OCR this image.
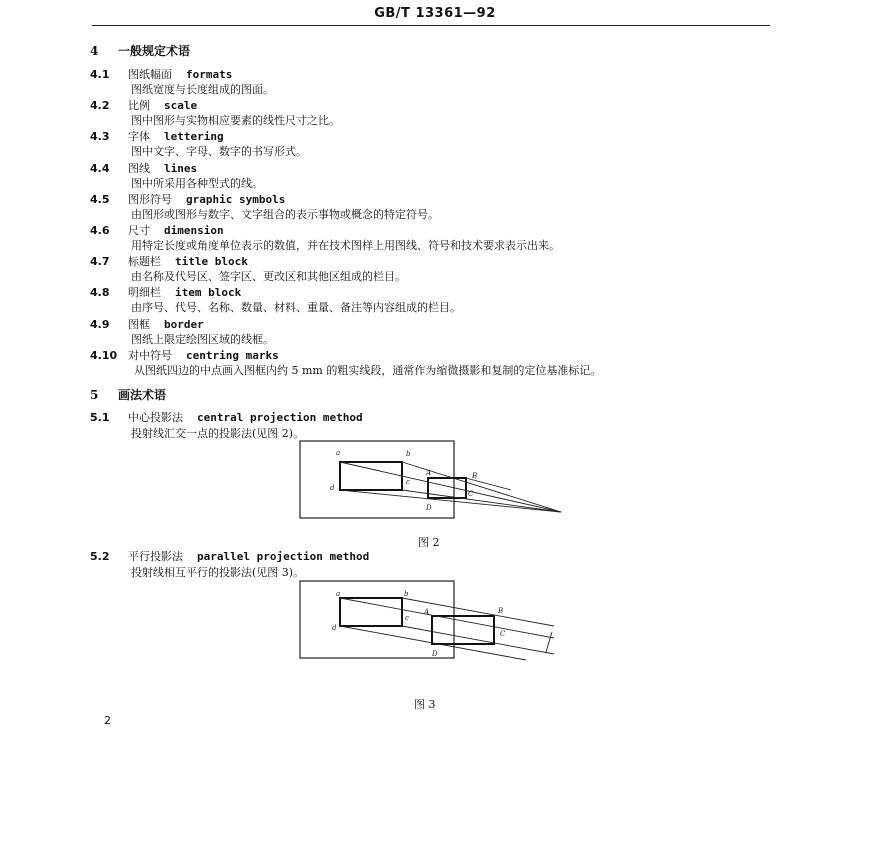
GB/T 13361—92
4 一般规定术语
4.1 图纸幅面 formats
图纸宽度与长度组成的图面。
4.2 比例 scale
图中图形与实物相应要素的线性尺寸之比。
4.3 字体 lettering
图中文字、字母、数字的书写形式。
4.4 图线 lines
图中所采用各种型式的线。
4.5 图形符号 graphic symbols
由图形或图形与数字、文字组合的表示事物或概念的特定符号。
4.6 尺寸 dimension
用特定长度或角度单位表示的数值，并在技术图样上用图线、符号和技术要求表示出来。
4.7 标题栏 title block
由名称及代号区、签字区、更改区和其他区组成的栏目。
4.8 明细栏 item block
由序号、代号、名称、数量、材料、重量、备注等内容组成的栏目。
4.9 图框 border
图纸上限定绘图区域的线框。
4.10 对中符号 centring marks
从图纸四边的中点画入图框内约 5 mm 的粗实线段，通常作为缩微摄影和复制的定位基准标记。
5 画法术语
5.1 中心投影法 central projection method
投射线汇交一点的投影法(见图 2)。
a	b
c
d
A	B
C
D
图 2
5.2 平行投影法 parallel projection method
投射线相互平行的投影法(见图 3)。
a	b
c
d
A	B
C
D
图 3
2
